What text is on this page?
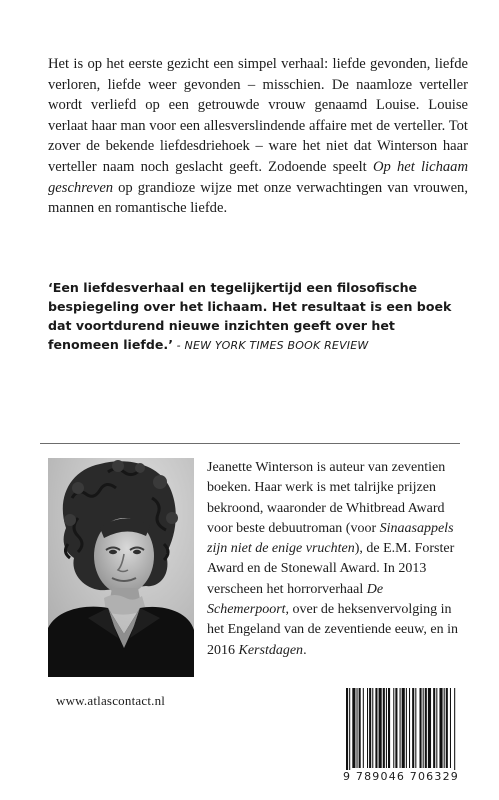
Het is op het eerste gezicht een simpel verhaal: liefde gevonden, liefde verloren, liefde weer gevonden – misschien. De naamloze verteller wordt verliefd op een getrouwde vrouw genaamd Louise. Louise verlaat haar man voor een allesverslindende affaire met de verteller. Tot zover de bekende liefdesdriehoek – ware het niet dat Winterson haar verteller naam noch geslacht geeft. Zodoende speelt Op het lichaam geschreven op grandioze wijze met onze verwachtingen van vrouwen, mannen en romantische liefde.

‘Een liefdesverhaal en tegelijkertijd een filosofische bespiegeling over het lichaam. Het resultaat is een boek dat voortdurend nieuwe inzichten geeft over het fenomeen liefde.’ - NEW YORK TIMES BOOK REVIEW

Jeanette Winterson is auteur van zeventien boeken. Haar werk is met talrijke prijzen bekroond, waaronder de Whitbread Award voor beste debuutroman (voor Sinaasappels zijn niet de enige vruchten), de E.M. Forster Award en de Stonewall Award. In 2013 verscheen het horrorverhaal De Schemerpoort, over de heksenvervolging in het Engeland van de zeventiende eeuw, en in 2016 Kerstdagen.

www.atlascontact.nl
9 789046 706329
